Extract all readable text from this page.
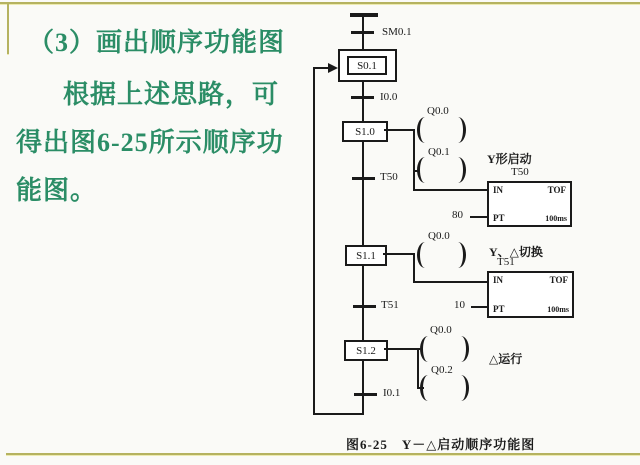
（3）画出顺序功能图
根据上述思路，可
得出图6-25所示顺序功
能图。
SM0.1
S0.1
I0.0
S1.0
T50
S1.1
T51
S1.2
I0.1
Q0.0
Q0.1	Y形启动
T50
IN	TOF
PT	100ms
80
Q0.0
Y、△切换
T51
IN	TOF
PT	100ms
10
Q0.0
Q0.2
△运行
图6-25　Y－△启动顺序功能图
